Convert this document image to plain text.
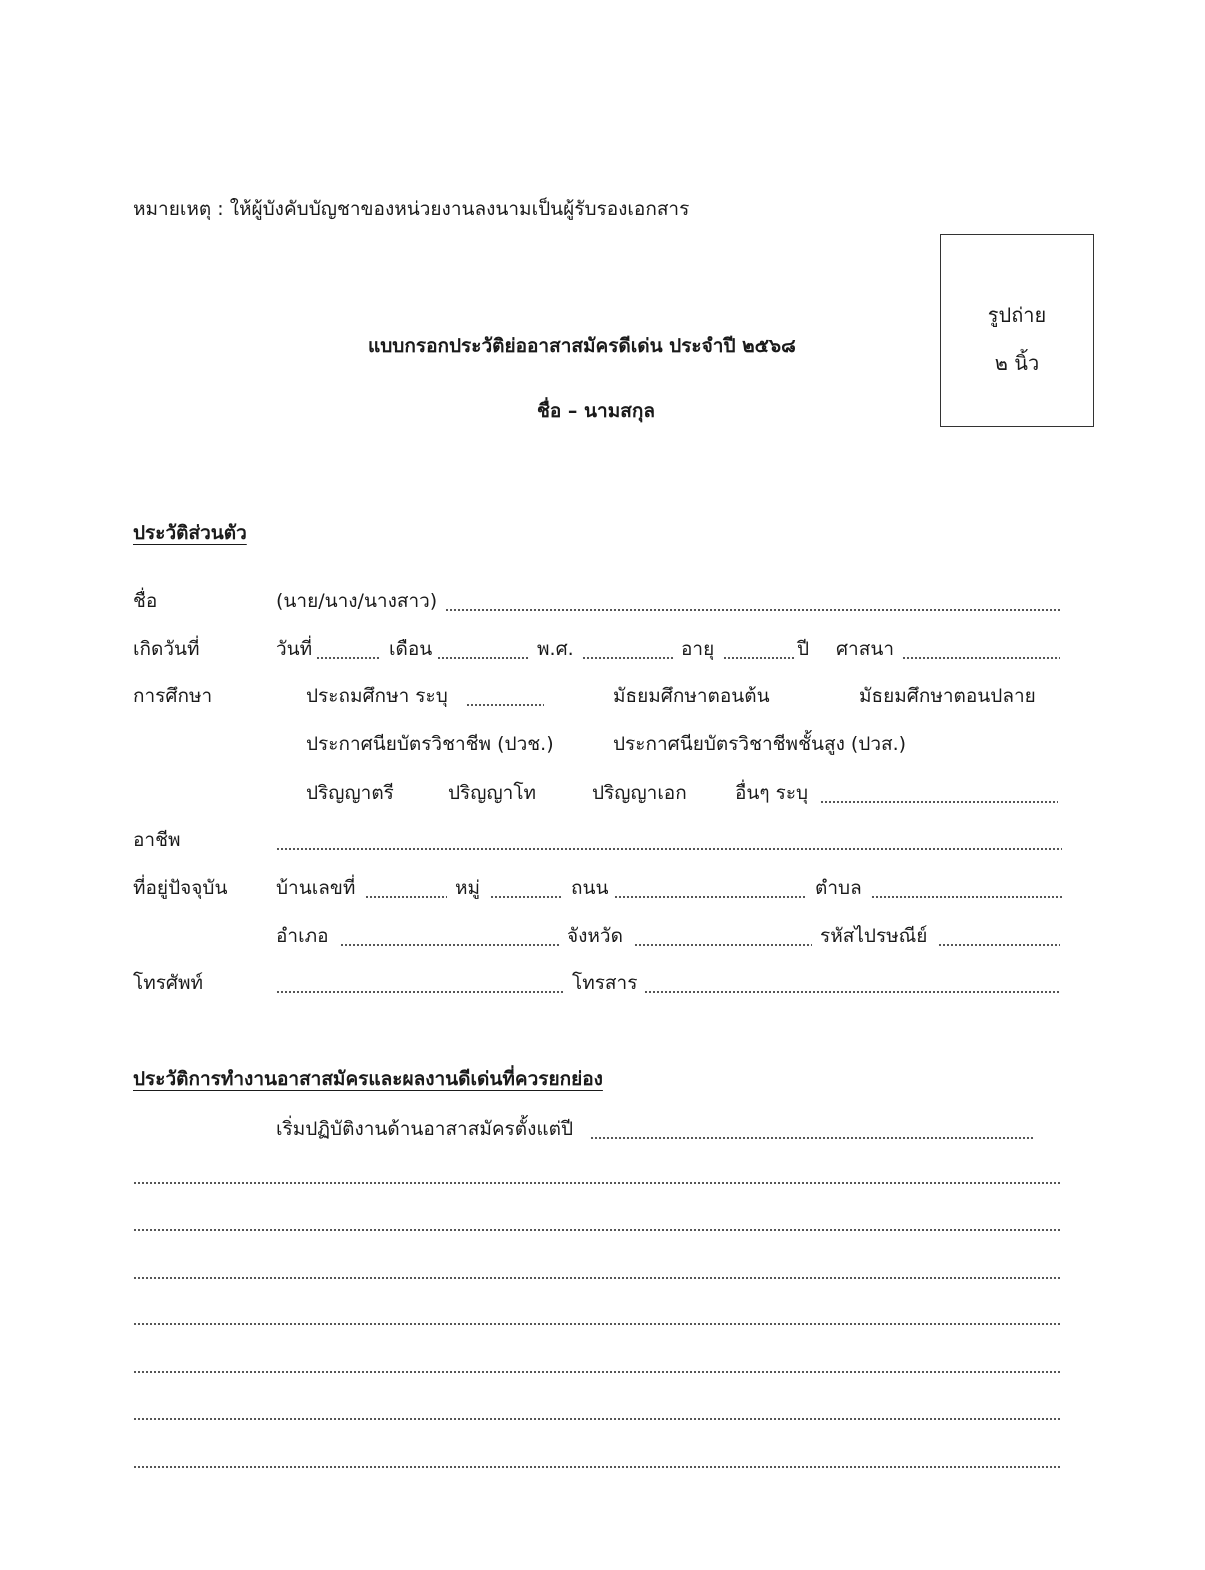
หมายเหตุ : ให้ผู้บังคับบัญชาของหน่วยงานลงนามเป็นผู้รับรองเอกสาร
รูปถ่าย
๒ นิ้ว
แบบกรอกประวัติย่ออาสาสมัครดีเด่น ประจำปี ๒๕๖๘
ชื่อ – นามสกุล
ประวัติส่วนตัว
ชื่อ	(นาย/นาง/นางสาว)
เกิดวันที่	วันที่	เดือน	พ.ศ.	อายุ	ปี ศาสนา
การศึกษา	ประถมศึกษา ระบุ	มัธยมศึกษาตอนต้น	มัธยมศึกษาตอนปลาย
ประกาศนียบัตรวิชาชีพ (ปวช.)	ประกาศนียบัตรวิชาชีพชั้นสูง (ปวส.)
ปริญญาตรี	ปริญญาโท	ปริญญาเอก	อื่นๆ ระบุ
อาชีพ
ที่อยู่ปัจจุบัน	บ้านเลขที่	หมู่	ถนน	ตำบล
อำเภอ	จังหวัด	รหัสไปรษณีย์
โทรศัพท์	โทรสาร
ประวัติการทำงานอาสาสมัครและผลงานดีเด่นที่ควรยกย่อง
เริ่มปฏิบัติงานด้านอาสาสมัครตั้งแต่ปี
